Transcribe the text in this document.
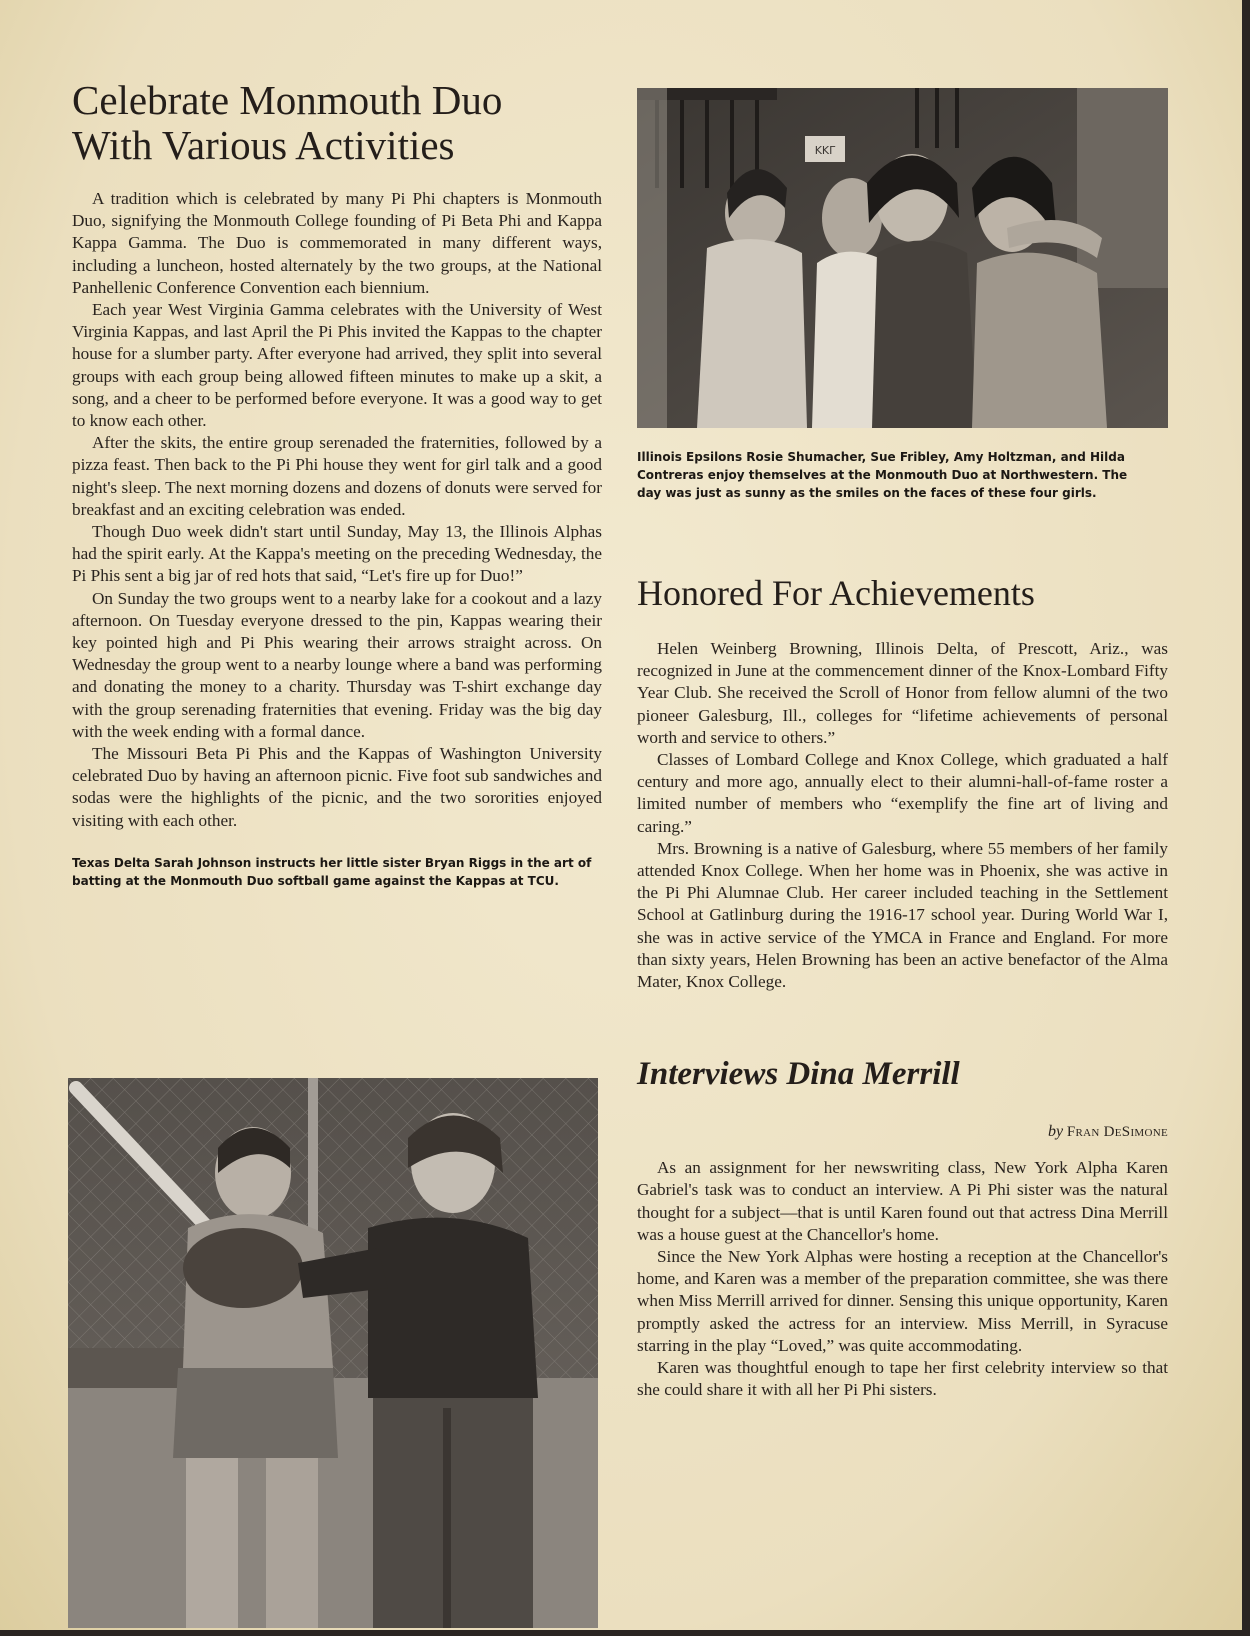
Celebrate Monmouth Duo
With Various Activities

A tradition which is celebrated by many Pi Phi chapters is Monmouth Duo, signifying the Monmouth College founding of Pi Beta Phi and Kappa Kappa Gamma. The Duo is commemorated in many different ways, including a luncheon, hosted alternately by the two groups, at the National Panhellenic Conference Convention each biennium.

Each year West Virginia Gamma celebrates with the University of West Virginia Kappas, and last April the Pi Phis invited the Kappas to the chapter house for a slumber party. After everyone had arrived, they split into several groups with each group being allowed fifteen minutes to make up a skit, a song, and a cheer to be performed before everyone. It was a good way to get to know each other.

After the skits, the entire group serenaded the fraternities, followed by a pizza feast. Then back to the Pi Phi house they went for girl talk and a good night's sleep. The next morning dozens and dozens of donuts were served for breakfast and an exciting celebration was ended.

Though Duo week didn't start until Sunday, May 13, the Illinois Alphas had the spirit early. At the Kappa's meeting on the preceding Wednesday, the Pi Phis sent a big jar of red hots that said, “Let's fire up for Duo!”

On Sunday the two groups went to a nearby lake for a cookout and a lazy afternoon. On Tuesday everyone dressed to the pin, Kappas wearing their key pointed high and Pi Phis wearing their arrows straight across. On Wednesday the group went to a nearby lounge where a band was performing and donating the money to a charity. Thursday was T-shirt exchange day with the group serenading fraternities that evening. Friday was the big day with the week ending with a formal dance.

The Missouri Beta Pi Phis and the Kappas of Washington University celebrated Duo by having an afternoon picnic. Five foot sub sandwiches and sodas were the highlights of the picnic, and the two sororities enjoyed visiting with each other.

Texas Delta Sarah Johnson instructs her little sister Bryan Riggs in the art of batting at the Monmouth Duo softball game against the Kappas at TCU.

KKΓ

Illinois Epsilons Rosie Shumacher, Sue Fribley, Amy Holtzman, and Hilda Contreras enjoy themselves at the Monmouth Duo at Northwestern. The day was just as sunny as the smiles on the faces of these four girls.

Honored For Achievements

Helen Weinberg Browning, Illinois Delta, of Prescott, Ariz., was recognized in June at the commencement dinner of the Knox-Lombard Fifty Year Club. She received the Scroll of Honor from fellow alumni of the two pioneer Galesburg, Ill., colleges for “lifetime achievements of personal worth and service to others.”

Classes of Lombard College and Knox College, which graduated a half century and more ago, annually elect to their alumni-hall-of-fame roster a limited number of members who “exemplify the fine art of living and caring.”

Mrs. Browning is a native of Galesburg, where 55 members of her family attended Knox College. When her home was in Phoenix, she was active in the Pi Phi Alumnae Club. Her career included teaching in the Settlement School at Gatlinburg during the 1916-17 school year. During World War I, she was in active service of the YMCA in France and England. For more than sixty years, Helen Browning has been an active benefactor of the Alma Mater, Knox College.

Interviews Dina Merrill
by Fran DeSimone

As an assignment for her newswriting class, New York Alpha Karen Gabriel's task was to conduct an interview. A Pi Phi sister was the natural thought for a subject—that is until Karen found out that actress Dina Merrill was a house guest at the Chancellor's home.

Since the New York Alphas were hosting a reception at the Chancellor's home, and Karen was a member of the preparation committee, she was there when Miss Merrill arrived for dinner. Sensing this unique opportunity, Karen promptly asked the actress for an interview. Miss Merrill, in Syracuse starring in the play “Loved,” was quite accommodating.

Karen was thoughtful enough to tape her first celebrity interview so that she could share it with all her Pi Phi sisters.
